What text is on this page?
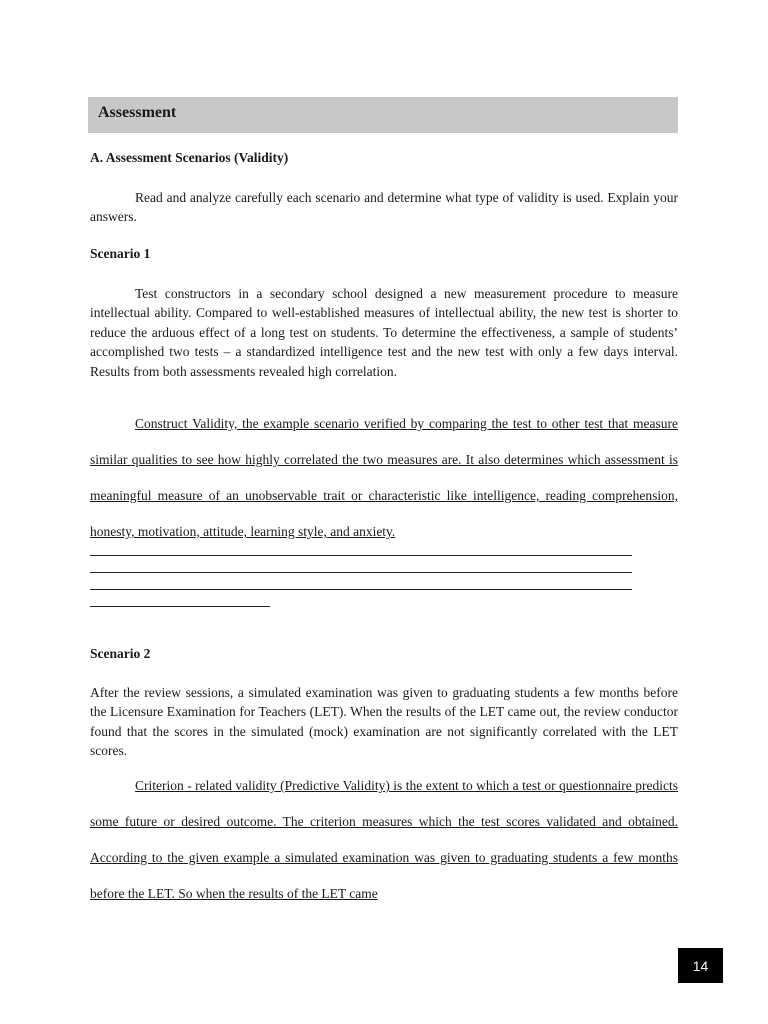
Assessment

A. Assessment Scenarios (Validity)

Read and analyze carefully each scenario and determine what type of validity is used. Explain your answers.

Scenario 1

Test constructors in a secondary school designed a new measurement procedure to measure intellectual ability. Compared to well-established measures of intellectual ability, the new test is shorter to reduce the arduous effect of a long test on students. To determine the effectiveness, a sample of students’ accomplished two tests – a standardized intelligence test and the new test with only a few days interval. Results from both assessments revealed high correlation.

Construct Validity, the example scenario verified by comparing the test to other test that measure similar qualities to see how highly correlated the two measures are. It also determines which assessment is meaningful measure of an unobservable trait or characteristic like intelligence, reading comprehension, honesty, motivation, attitude, learning style, and anxiety.

Scenario 2

After the review sessions, a simulated examination was given to graduating students a few months before the Licensure Examination for Teachers (LET). When the results of the LET came out, the review conductor found that the scores in the simulated (mock) examination are not significantly correlated with the LET scores.

Criterion - related validity (Predictive Validity) is the extent to which a test or questionnaire predicts some future or desired outcome. The criterion measures which the test scores validated and obtained. According to the given example a simulated examination was given to graduating students a few months before the LET. So when the results of the LET came

14
